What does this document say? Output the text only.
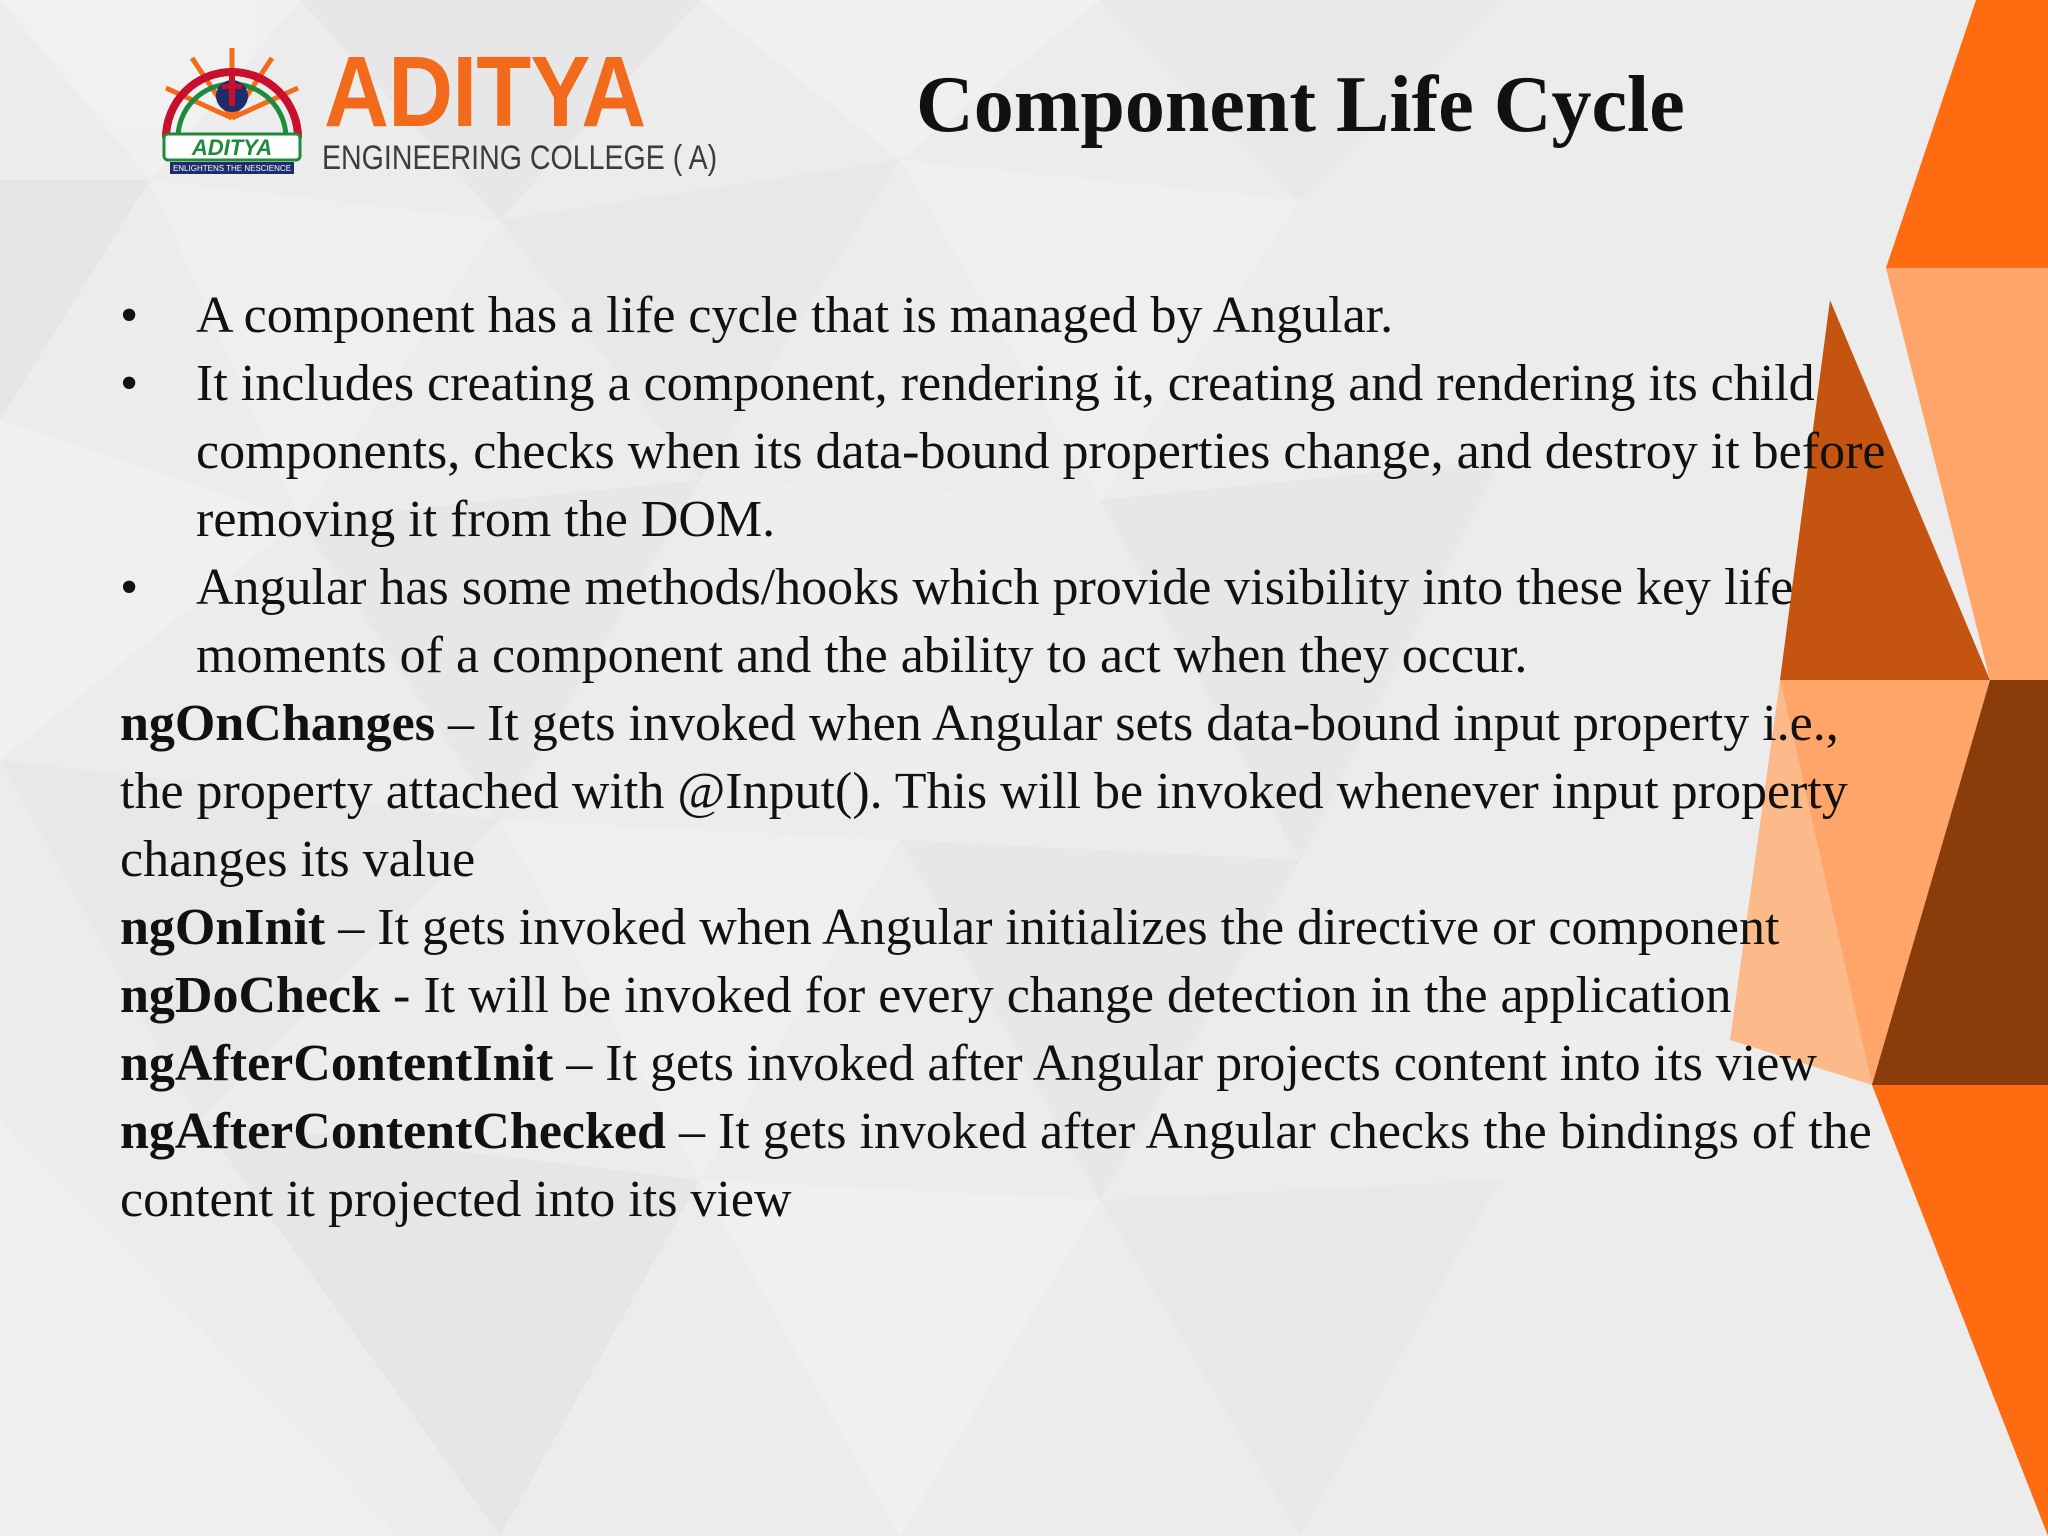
ADITYA
ENLIGHTENS THE NESCIENCE
ADITYA
ENGINEERING COLLEGE ( A)
Component Life Cycle
• A component has a life cycle that is managed by Angular.
• It includes creating a component, rendering it, creating and rendering its child components, checks when its data-bound properties change, and destroy it before removing it from the DOM.
• Angular has some methods/hooks which provide visibility into these key life moments of a component and the ability to act when they occur.

ngOnChanges – It gets invoked when Angular sets data-bound input property i.e., the property attached with @Input(). This will be invoked whenever input property changes its value

ngOnInit – It gets invoked when Angular initializes the directive or component

ngDoCheck - It will be invoked for every change detection in the application

ngAfterContentInit – It gets invoked after Angular projects content into its view

ngAfterContentChecked – It gets invoked after Angular checks the bindings of the content it projected into its view
